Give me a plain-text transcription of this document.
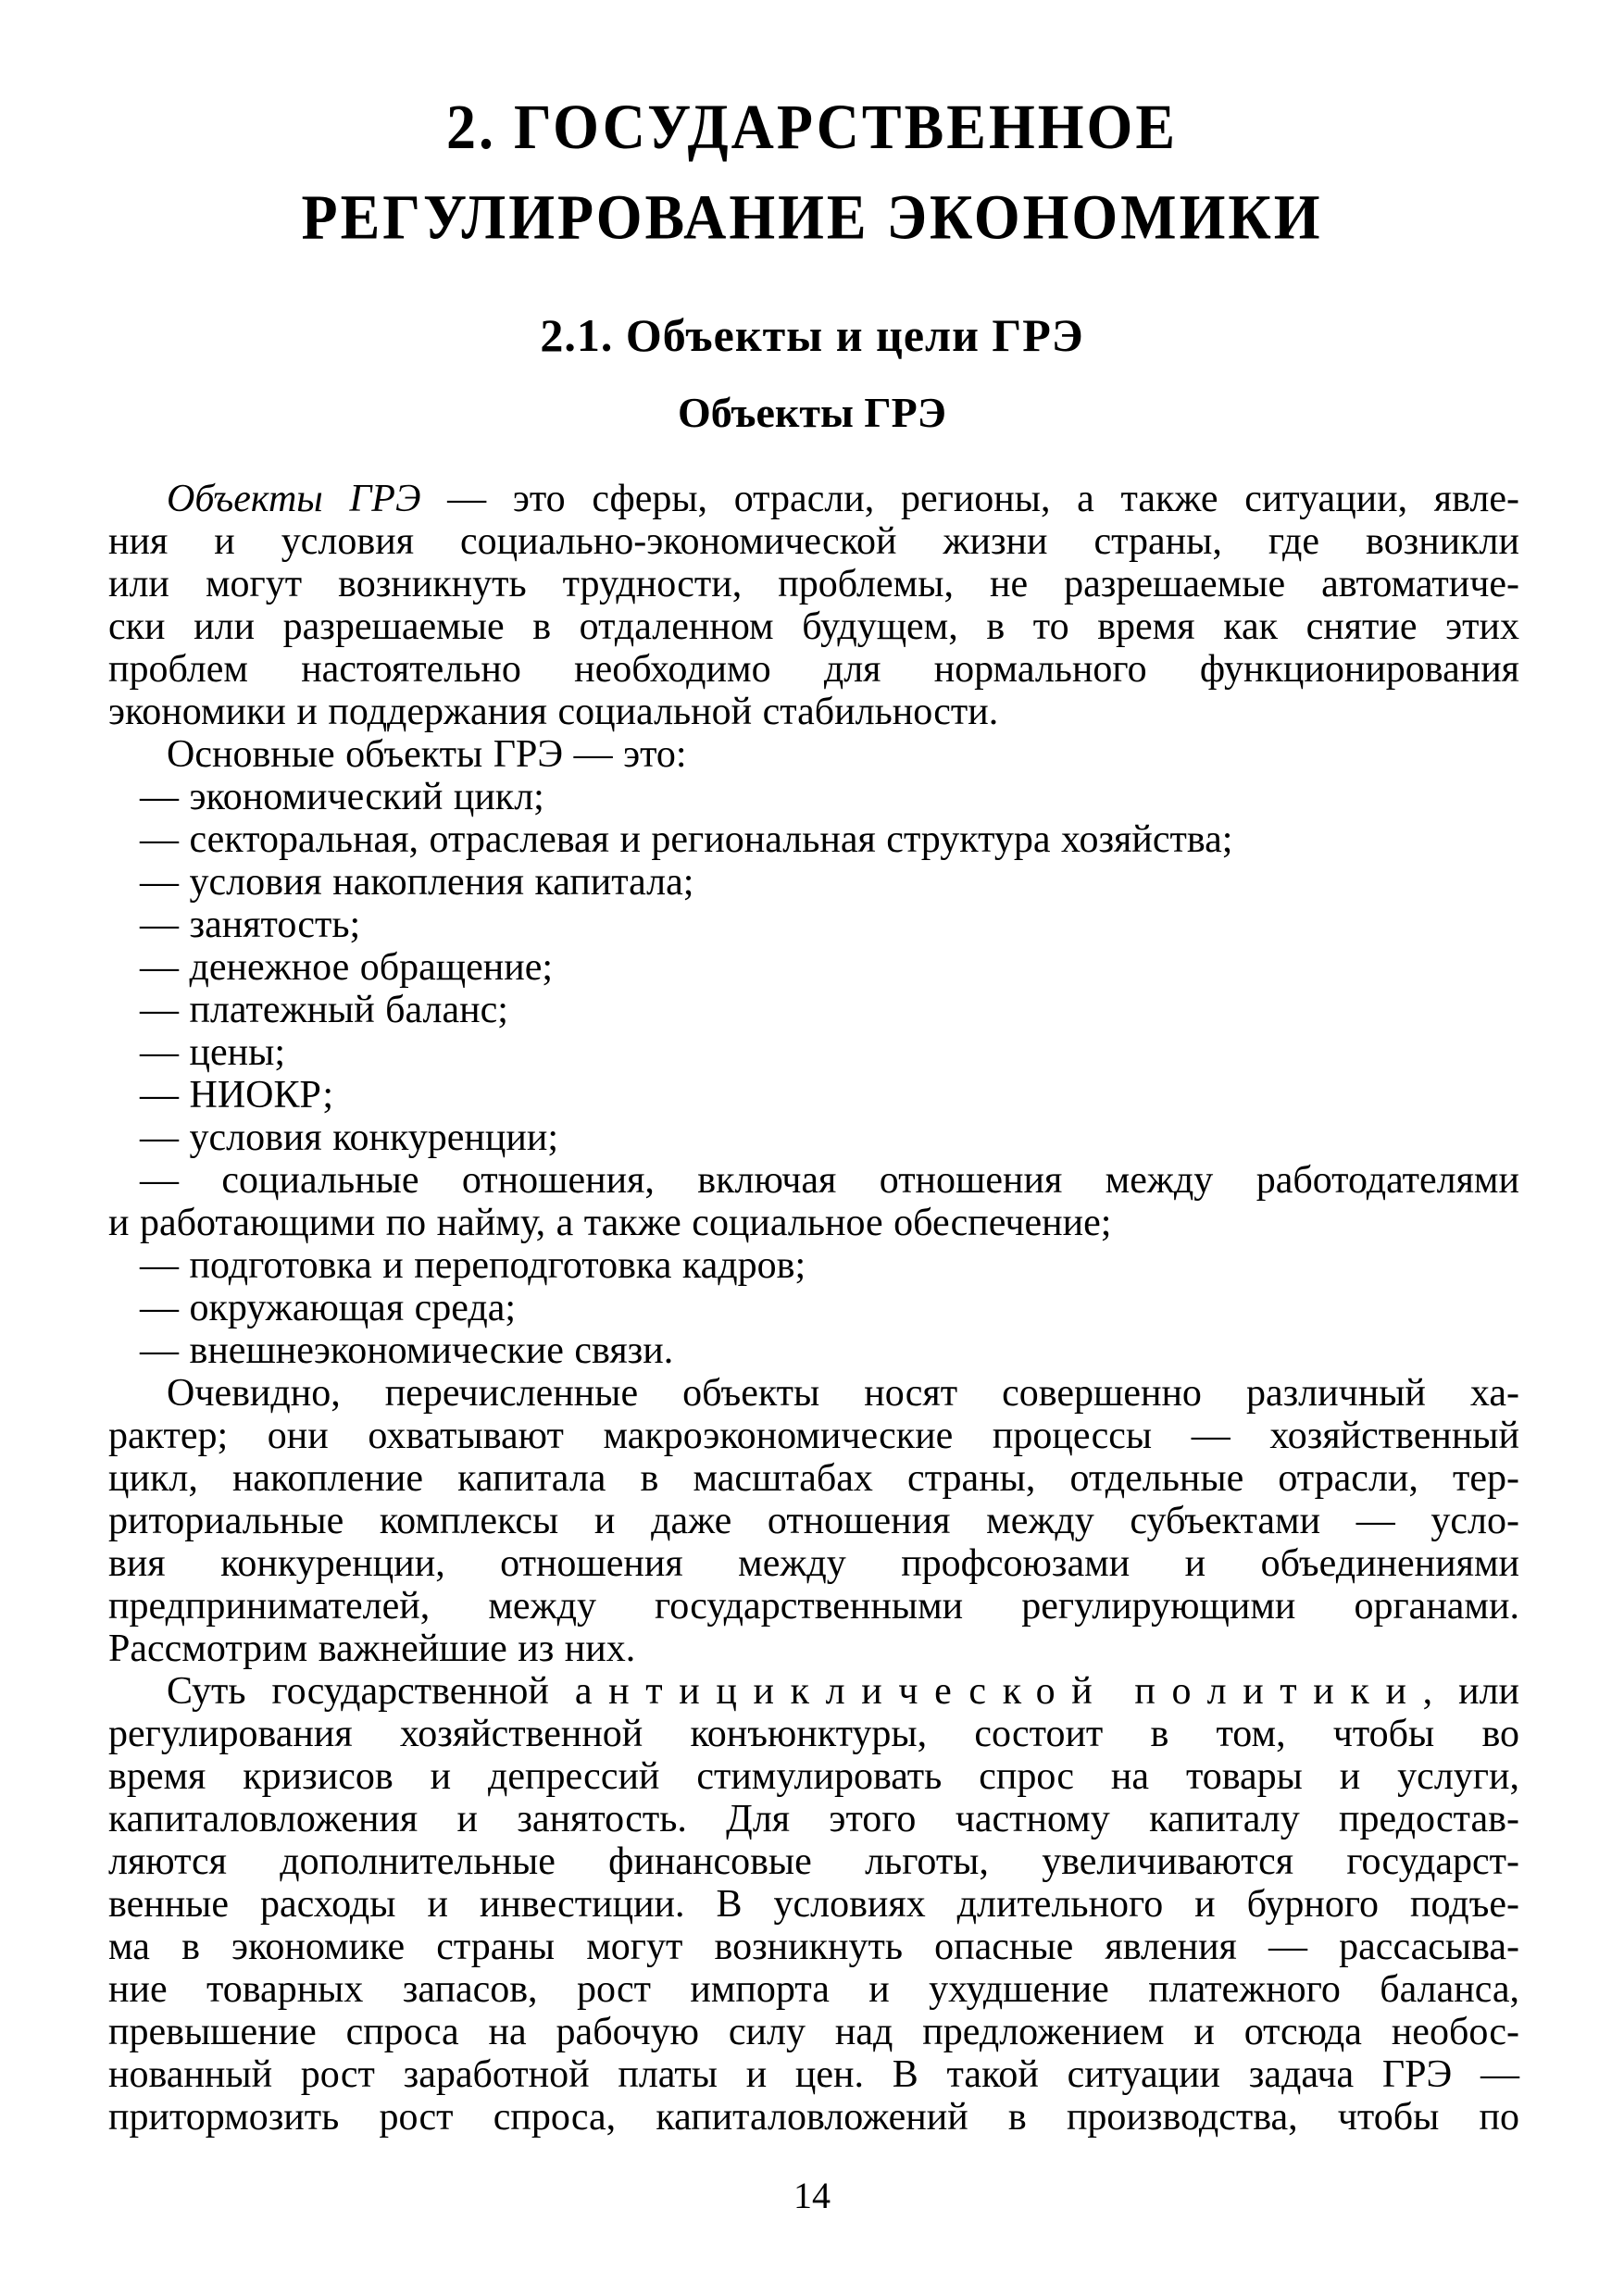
2. ГОСУДАРСТВЕННОЕ
РЕГУЛИРОВАНИЕ ЭКОНОМИКИ
2.1. Объекты и цели ГРЭ
Объекты ГРЭ
Объекты ГРЭ — это сферы, отрасли, регионы, а также ситуации, явле-
ния и условия социально-экономической жизни страны, где возникли
или могут возникнуть трудности, проблемы, не разрешаемые автоматиче-
ски или разрешаемые в отдаленном будущем, в то время как снятие этих
проблем настоятельно необходимо для нормального функционирования
экономики и поддержания социальной стабильности.
Основные объекты ГРЭ — это:
— экономический цикл;
— секторальная, отраслевая и региональная структура хозяйства;
— условия накопления капитала;
— занятость;
— денежное обращение;
— платежный баланс;
— цены;
— НИОКР;
— условия конкуренции;
— социальные отношения, включая отношения между работодателями
и работающими по найму, а также социальное обеспечение;
— подготовка и переподготовка кадров;
— окружающая среда;
— внешнеэкономические связи.
Очевидно, перечисленные объекты носят совершенно различный ха-
рактер; они охватывают макроэкономические процессы — хозяйственный
цикл, накопление капитала в масштабах страны, отдельные отрасли, тер-
риториальные комплексы и даже отношения между субъектами — усло-
вия конкуренции, отношения между профсоюзами и объединениями
предпринимателей, между государственными регулирующими органами.
Рассмотрим важнейшие из них.
Суть государственной антициклической политики, или
регулирования хозяйственной конъюнктуры, состоит в том, чтобы во
время кризисов и депрессий стимулировать спрос на товары и услуги,
капиталовложения и занятость. Для этого частному капиталу предостав-
ляются дополнительные финансовые льготы, увеличиваются государст-
венные расходы и инвестиции. В условиях длительного и бурного подъе-
ма в экономике страны могут возникнуть опасные явления — рассасыва-
ние товарных запасов, рост импорта и ухудшение платежного баланса,
превышение спроса на рабочую силу над предложением и отсюда необос-
нованный рост заработной платы и цен. В такой ситуации задача ГРЭ —
притормозить рост спроса, капиталовложений в производства, чтобы по
14
